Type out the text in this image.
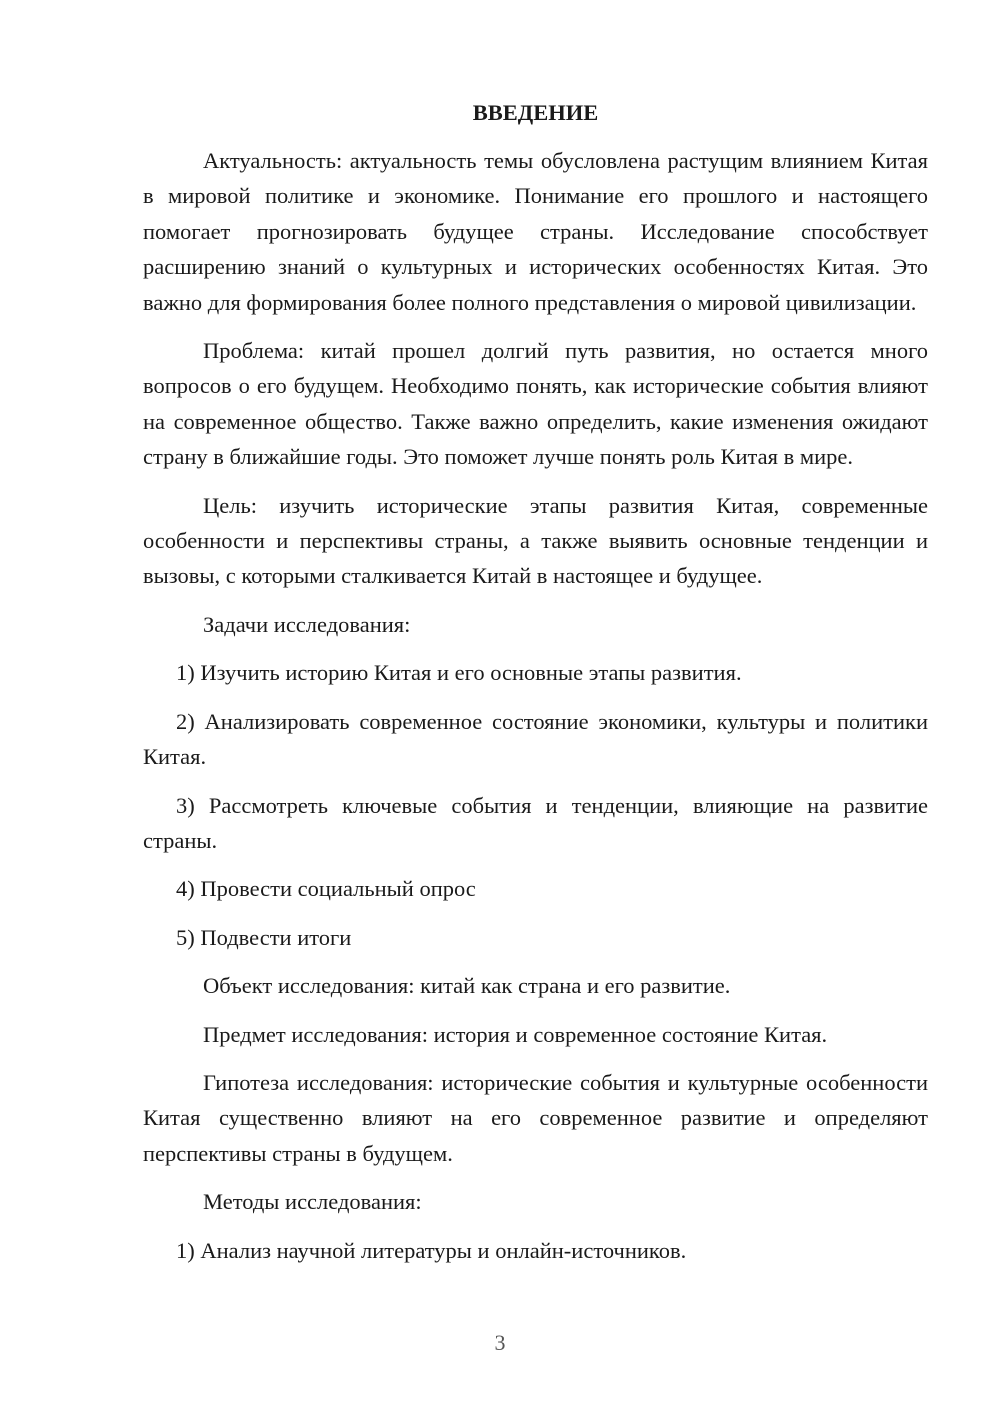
ВВЕДЕНИЕ

Актуальность: актуальность темы обусловлена растущим влиянием Китая в мировой политике и экономике. Понимание его прошлого и настоящего помогает прогнозировать будущее страны. Исследование способствует расширению знаний о культурных и исторических особенностях Китая. Это важно для формирования более полного представления о мировой цивилизации.

Проблема: китай прошел долгий путь развития, но остается много вопросов о его будущем. Необходимо понять, как исторические события влияют на современное общество. Также важно определить, какие изменения ожидают страну в ближайшие годы. Это поможет лучше понять роль Китая в мире.

Цель: изучить исторические этапы развития Китая, современные особенности и перспективы страны, а также выявить основные тенденции и вызовы, с которыми сталкивается Китай в настоящее и будущее.

Задачи исследования:

1) Изучить историю Китая и его основные этапы развития.

2) Анализировать современное состояние экономики, культуры и политики Китая.

3) Рассмотреть ключевые события и тенденции, влияющие на развитие страны.

4) Провести социальный опрос

5) Подвести итоги

Объект исследования: китай как страна и его развитие.

Предмет исследования: история и современное состояние Китая.

Гипотеза исследования: исторические события и культурные особенности Китая существенно влияют на его современное развитие и определяют перспективы страны в будущем.

Методы исследования:

1) Анализ научной литературы и онлайн-источников.

3
